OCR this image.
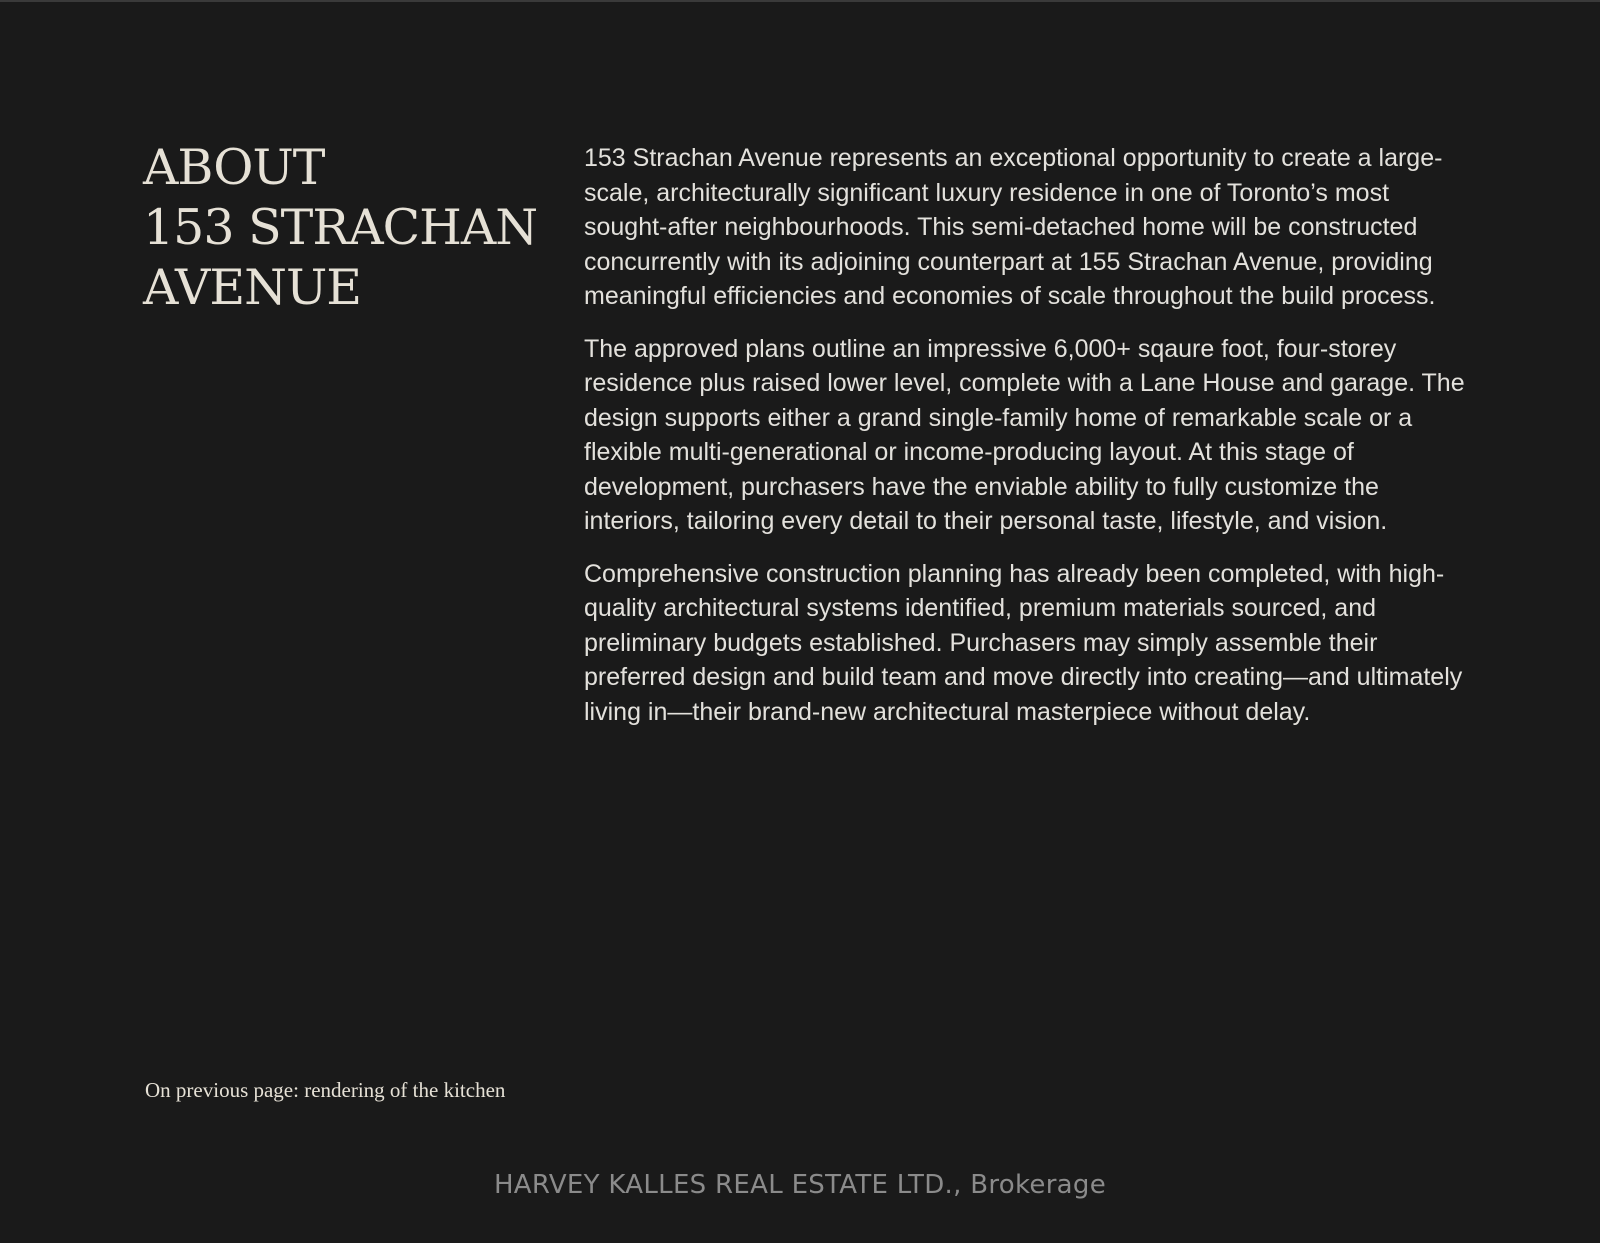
ABOUT
153 STRACHAN
AVENUE

153 Strachan Avenue represents an exceptional opportunity to create a large-scale, architecturally significant luxury residence in one of Toronto’s most sought-after neighbourhoods. This semi-detached home will be constructed concurrently with its adjoining counterpart at 155 Strachan Avenue, providing meaningful efficiencies and economies of scale throughout the build process.

The approved plans outline an impressive 6,000+ sqaure foot, four-storey residence plus raised lower level, complete with a Lane House and garage. The design supports either a grand single-family home of remarkable scale or a flexible multi-generational or income-producing layout. At this stage of development, purchasers have the enviable ability to fully customize the interiors, tailoring every detail to their personal taste, lifestyle, and vision.

Comprehensive construction planning has already been completed, with high-quality architectural systems identified, premium materials sourced, and preliminary budgets established. Purchasers may simply assemble their preferred design and build team and move directly into creating—and ultimately living in—their brand-new architectural masterpiece without delay.

On previous page: rendering of the kitchen
HARVEY KALLES REAL ESTATE LTD., Brokerage
